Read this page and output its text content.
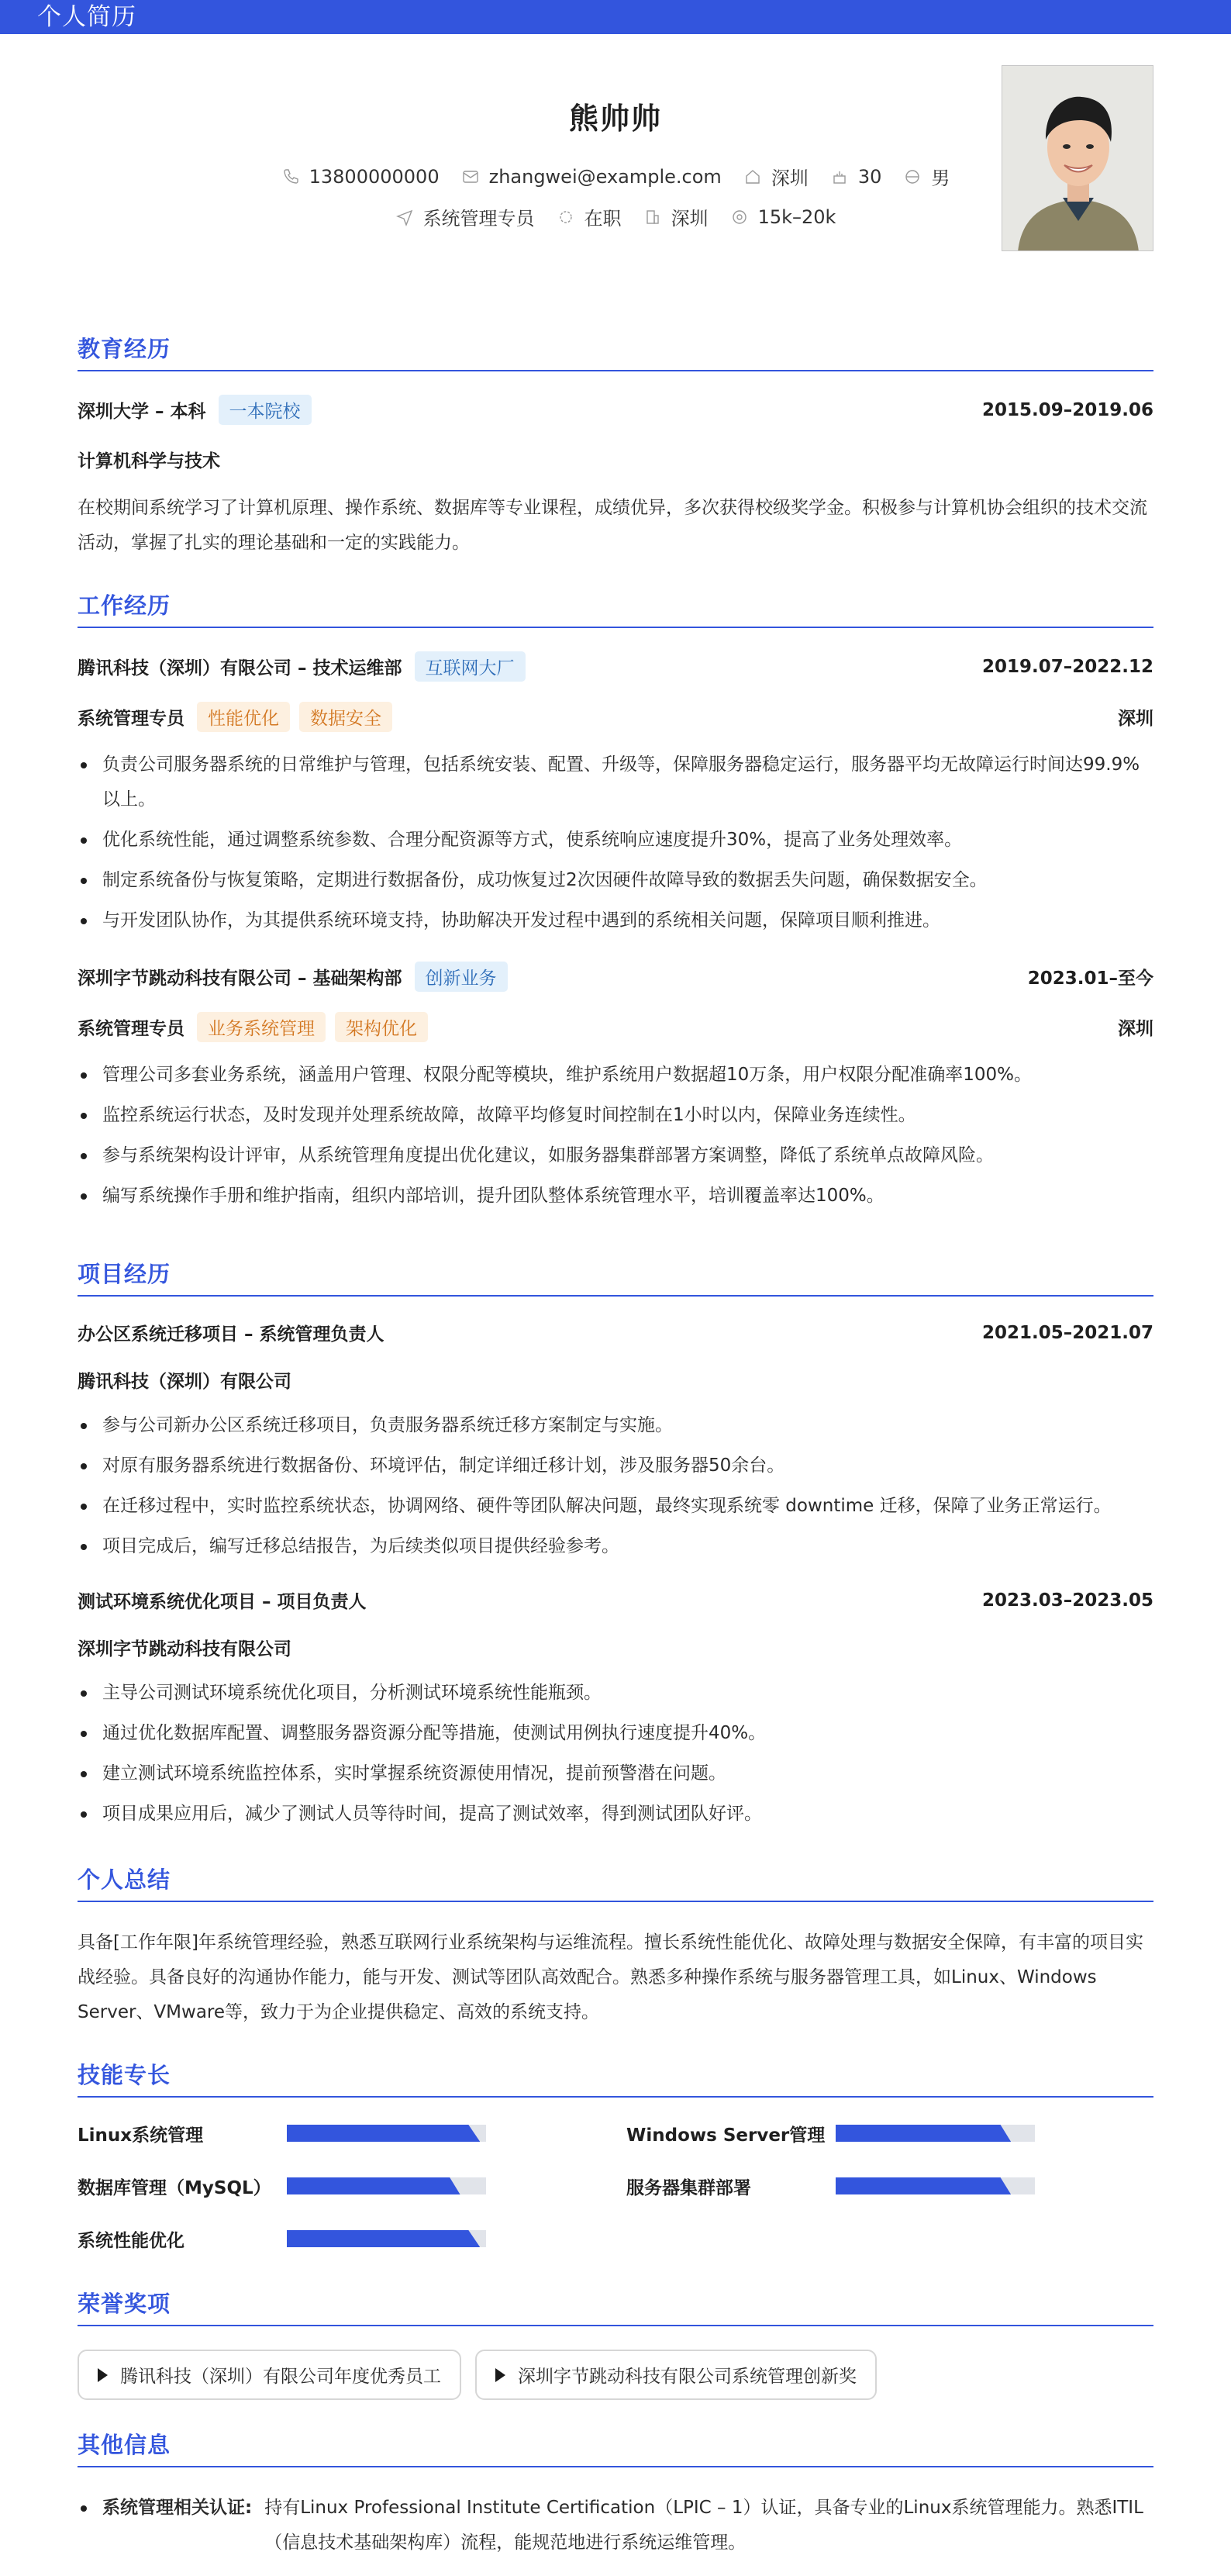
个人简历
熊帅帅
13800000000	zhangwei@example.com	深圳	30	男
系统管理专员	在职	深圳	15k–20k
教育经历
深圳大学 – 本科	一本院校	2015.09–2019.06
计算机科学与技术
在校期间系统学习了计算机原理、操作系统、数据库等专业课程，成绩优异，多次获得校级奖学金。积极参与计算机协会组织的技术交流活动，掌握了扎实的理论基础和一定的实践能力。
工作经历
腾讯科技（深圳）有限公司 – 技术运维部	互联网大厂	2019.07–2022.12
系统管理专员	性能优化	数据安全	深圳
负责公司服务器系统的日常维护与管理，包括系统安装、配置、升级等，保障服务器稳定运行，服务器平均无故障运行时间达99.9%以上。
优化系统性能，通过调整系统参数、合理分配资源等方式，使系统响应速度提升30%，提高了业务处理效率。
制定系统备份与恢复策略，定期进行数据备份，成功恢复过2次因硬件故障导致的数据丢失问题，确保数据安全。
与开发团队协作，为其提供系统环境支持，协助解决开发过程中遇到的系统相关问题，保障项目顺利推进。
深圳字节跳动科技有限公司 – 基础架构部	创新业务	2023.01–至今
系统管理专员	业务系统管理	架构优化	深圳
管理公司多套业务系统，涵盖用户管理、权限分配等模块，维护系统用户数据超10万条，用户权限分配准确率100%。
监控系统运行状态，及时发现并处理系统故障，故障平均修复时间控制在1小时以内，保障业务连续性。
参与系统架构设计评审，从系统管理角度提出优化建议，如服务器集群部署方案调整，降低了系统单点故障风险。
编写系统操作手册和维护指南，组织内部培训，提升团队整体系统管理水平，培训覆盖率达100%。
项目经历
办公区系统迁移项目 – 系统管理负责人	2021.05–2021.07
腾讯科技（深圳）有限公司
参与公司新办公区系统迁移项目，负责服务器系统迁移方案制定与实施。
对原有服务器系统进行数据备份、环境评估，制定详细迁移计划，涉及服务器50余台。
在迁移过程中，实时监控系统状态，协调网络、硬件等团队解决问题，最终实现系统零 downtime 迁移，保障了业务正常运行。
项目完成后，编写迁移总结报告，为后续类似项目提供经验参考。
测试环境系统优化项目 – 项目负责人	2023.03–2023.05
深圳字节跳动科技有限公司
主导公司测试环境系统优化项目，分析测试环境系统性能瓶颈。
通过优化数据库配置、调整服务器资源分配等措施，使测试用例执行速度提升40%。
建立测试环境系统监控体系，实时掌握系统资源使用情况，提前预警潜在问题。
项目成果应用后，减少了测试人员等待时间，提高了测试效率，得到测试团队好评。
个人总结
具备[工作年限]年系统管理经验，熟悉互联网行业系统架构与运维流程。擅长系统性能优化、故障处理与数据安全保障，有丰富的项目实战经验。具备良好的沟通协作能力，能与开发、测试等团队高效配合。熟悉多种操作系统与服务器管理工具，如Linux、Windows Server、VMware等，致力于为企业提供稳定、高效的系统支持。
技能专长
Linux系统管理	Windows Server管理
数据库管理（MySQL）	服务器集群部署
系统性能优化
荣誉奖项
腾讯科技（深圳）有限公司年度优秀员工	深圳字节跳动科技有限公司系统管理创新奖
其他信息
系统管理相关认证: 持有Linux Professional Institute Certification（LPIC – 1）认证，具备专业的Linux系统管理能力。熟悉ITIL（信息技术基础架构库）流程，能规范地进行系统运维管理。
